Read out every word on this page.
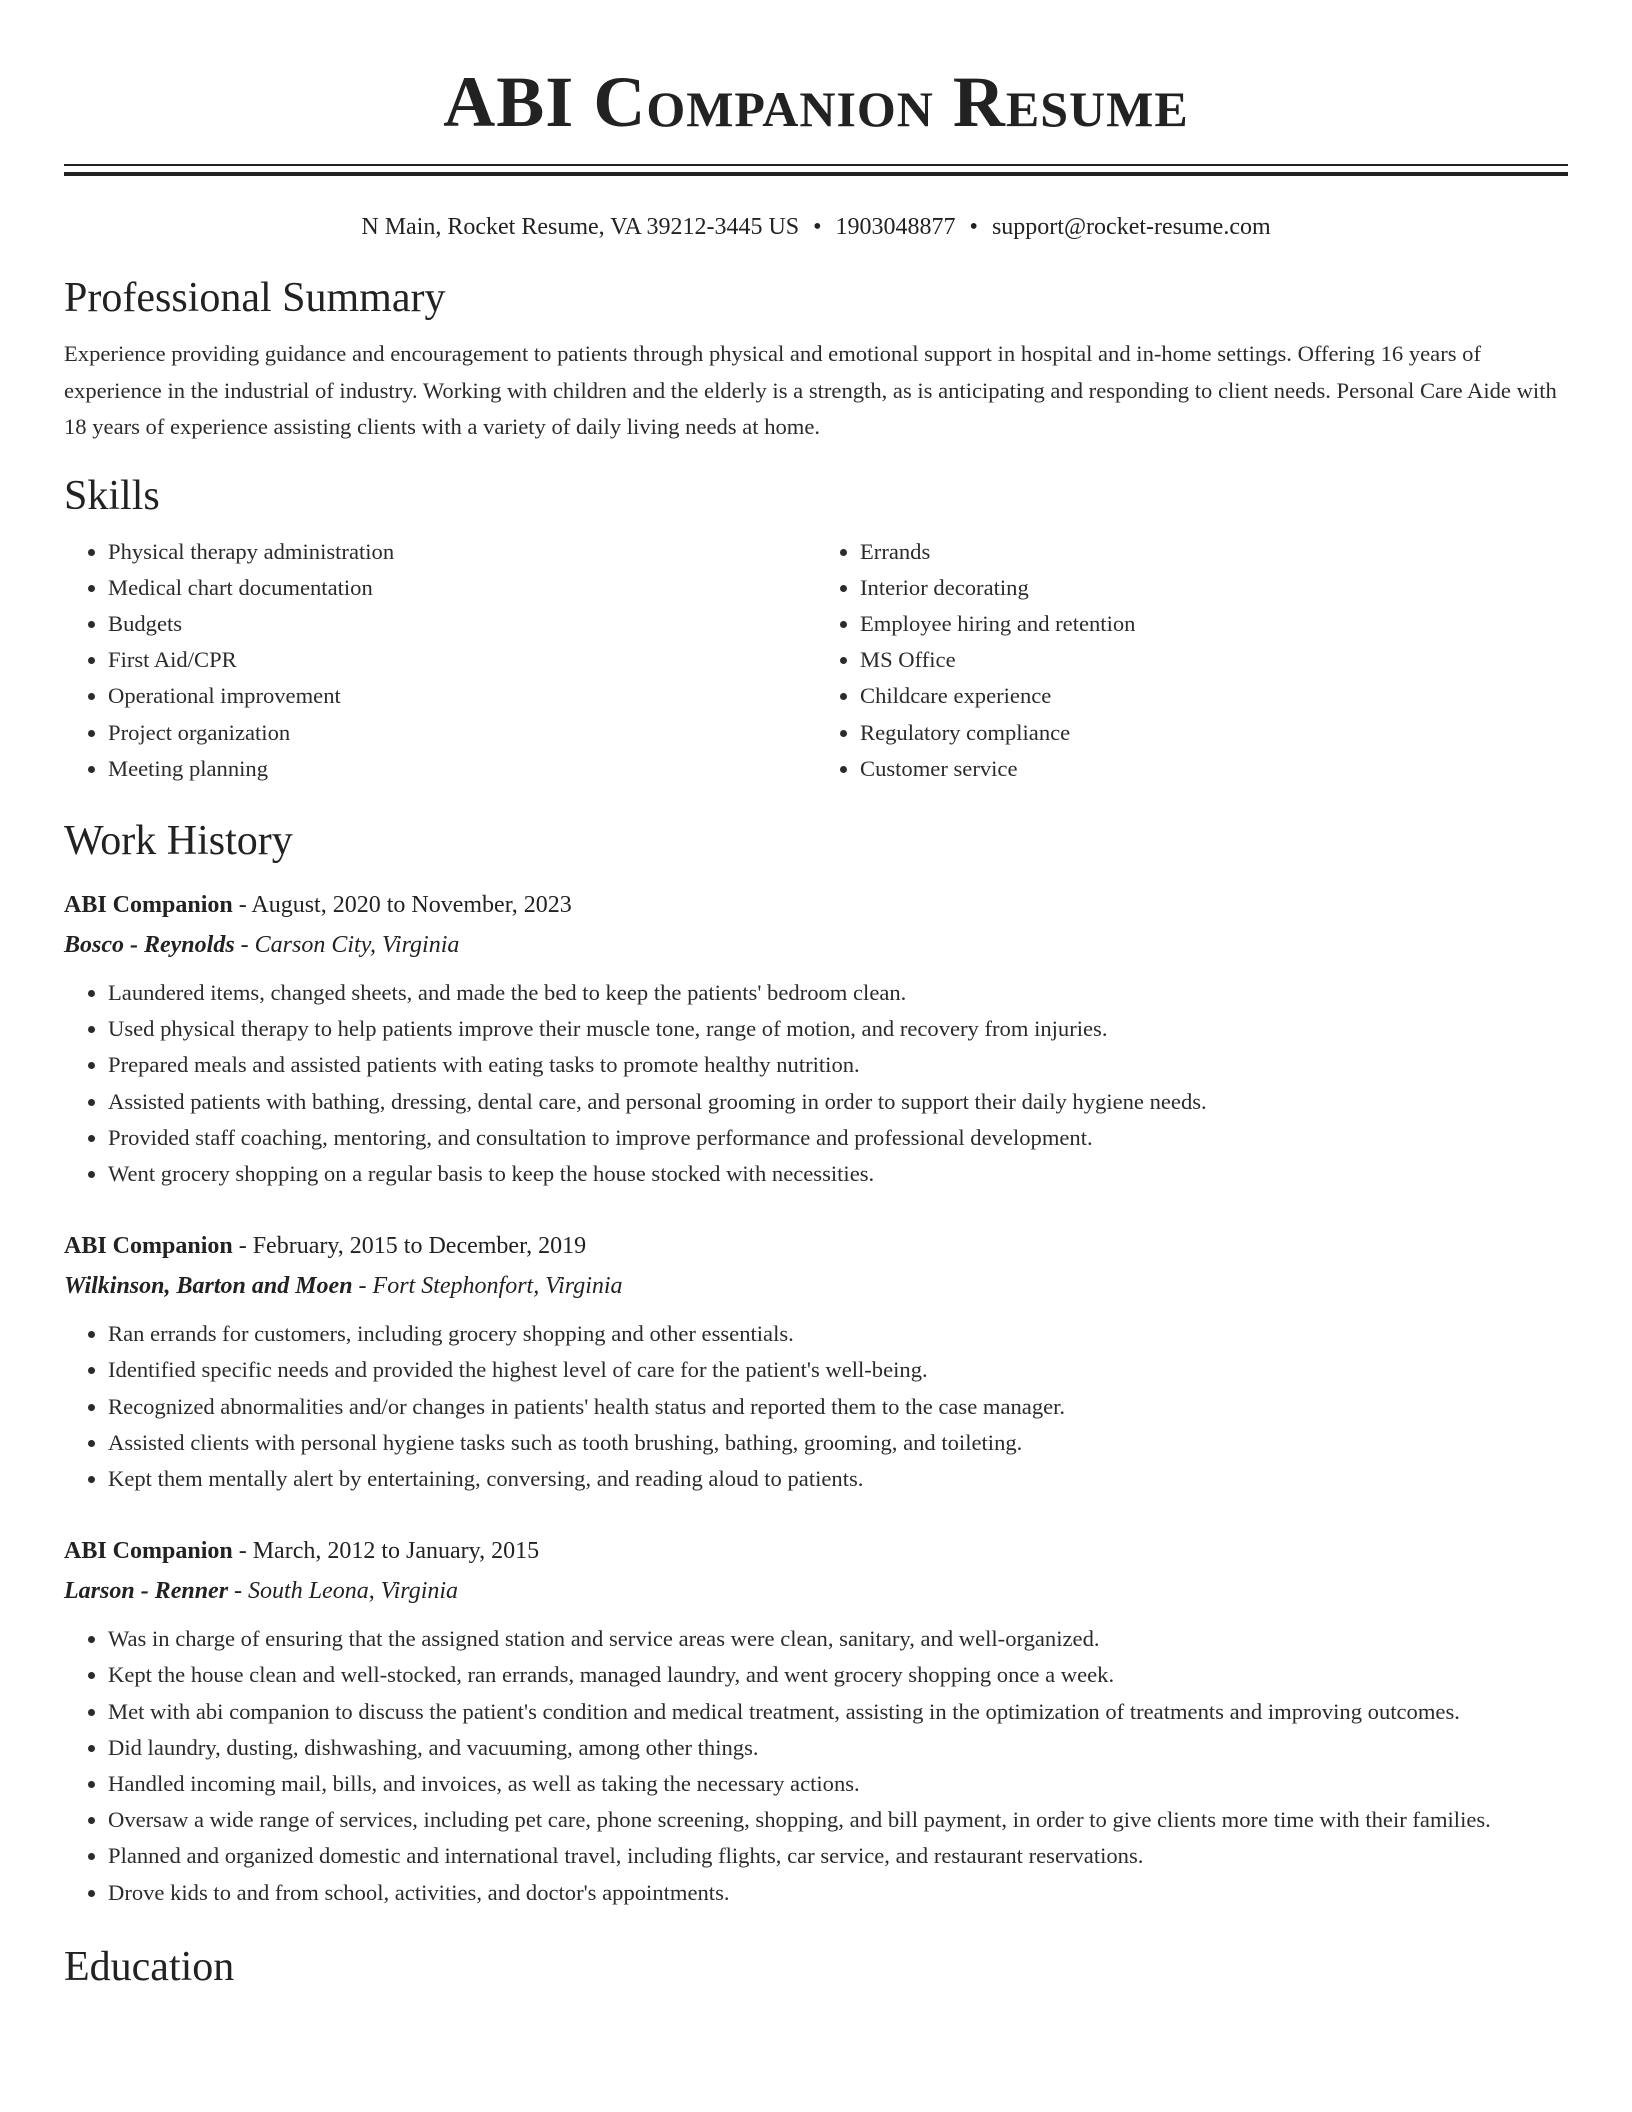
ABI Companion Resume
N Main, Rocket Resume, VA 39212-3445 US • 1903048877 • support@rocket-resume.com
Professional Summary

Experience providing guidance and encouragement to patients through physical and emotional support in hospital and in-home settings. Offering 16 years of experience in the industrial of industry. Working with children and the elderly is a strength, as is anticipating and responding to client needs. Personal Care Aide with 18 years of experience assisting clients with a variety of daily living needs at home.

Skills
• Physical therapy administration
• Medical chart documentation
• Budgets
• First Aid/CPR
• Operational improvement
• Project organization
• Meeting planning
• Errands
• Interior decorating
• Employee hiring and retention
• MS Office
• Childcare experience
• Regulatory compliance
• Customer service
Work History
ABI Companion - August, 2020 to November, 2023
Bosco - Reynolds - Carson City, Virginia
• Laundered items, changed sheets, and made the bed to keep the patients' bedroom clean.
• Used physical therapy to help patients improve their muscle tone, range of motion, and recovery from injuries.
• Prepared meals and assisted patients with eating tasks to promote healthy nutrition.
• Assisted patients with bathing, dressing, dental care, and personal grooming in order to support their daily hygiene needs.
• Provided staff coaching, mentoring, and consultation to improve performance and professional development.
• Went grocery shopping on a regular basis to keep the house stocked with necessities.
ABI Companion - February, 2015 to December, 2019
Wilkinson, Barton and Moen - Fort Stephonfort, Virginia
• Ran errands for customers, including grocery shopping and other essentials.
• Identified specific needs and provided the highest level of care for the patient's well-being.
• Recognized abnormalities and/or changes in patients' health status and reported them to the case manager.
• Assisted clients with personal hygiene tasks such as tooth brushing, bathing, grooming, and toileting.
• Kept them mentally alert by entertaining, conversing, and reading aloud to patients.
ABI Companion - March, 2012 to January, 2015
Larson - Renner - South Leona, Virginia
• Was in charge of ensuring that the assigned station and service areas were clean, sanitary, and well-organized.
• Kept the house clean and well-stocked, ran errands, managed laundry, and went grocery shopping once a week.
• Met with abi companion to discuss the patient's condition and medical treatment, assisting in the optimization of treatments and improving outcomes.
• Did laundry, dusting, dishwashing, and vacuuming, among other things.
• Handled incoming mail, bills, and invoices, as well as taking the necessary actions.
• Oversaw a wide range of services, including pet care, phone screening, shopping, and bill payment, in order to give clients more time with their families.
• Planned and organized domestic and international travel, including flights, car service, and restaurant reservations.
• Drove kids to and from school, activities, and doctor's appointments.
Education
